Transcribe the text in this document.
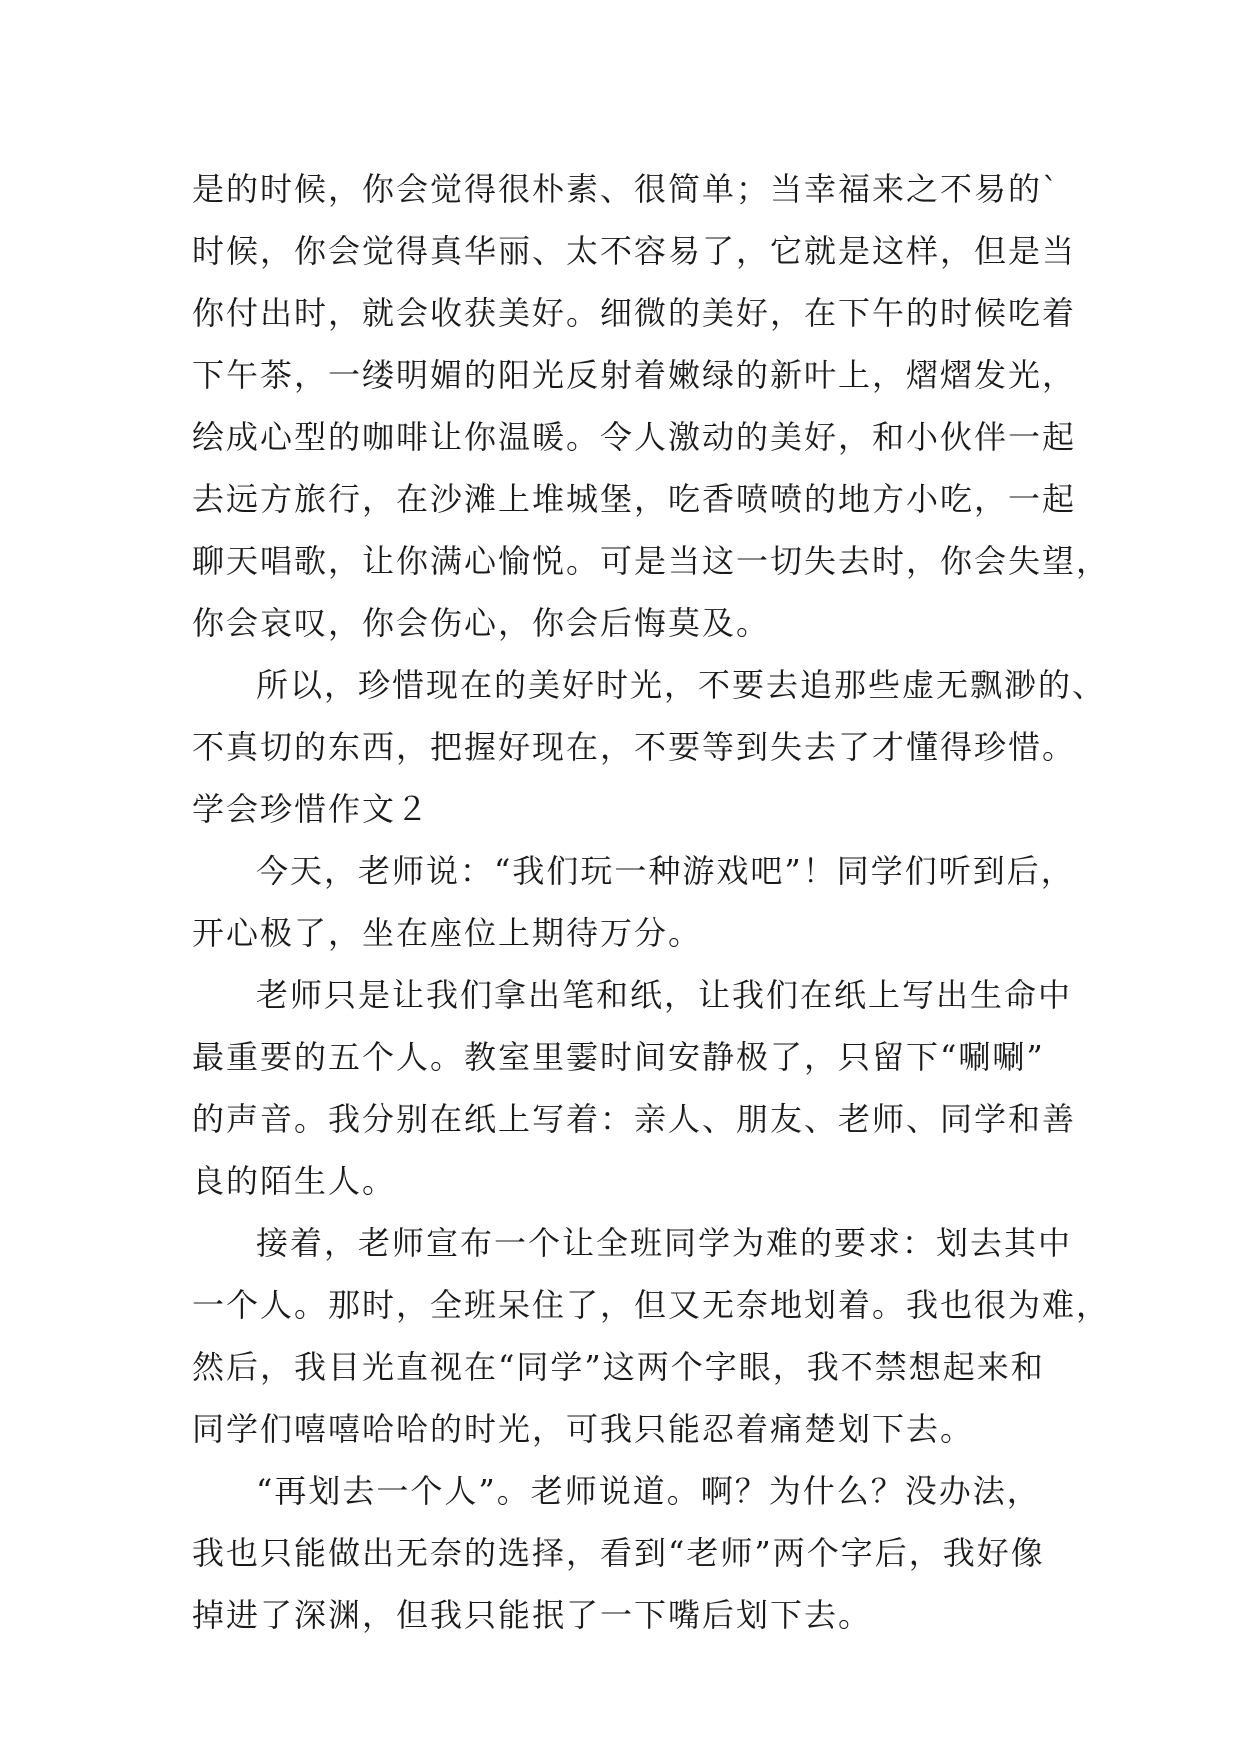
是的时候，你会觉得很朴素、很简单；当幸福来之不易的`
时候，你会觉得真华丽、太不容易了，它就是这样，但是当
你付出时，就会收获美好。细微的美好，在下午的时候吃着
下午茶，一缕明媚的阳光反射着嫩绿的新叶上，熠熠发光，
绘成心型的咖啡让你温暖。令人激动的美好，和小伙伴一起
去远方旅行，在沙滩上堆城堡，吃香喷喷的地方小吃，一起
聊天唱歌，让你满心愉悦。可是当这一切失去时，你会失望，
你会哀叹，你会伤心，你会后悔莫及。
所以，珍惜现在的美好时光，不要去追那些虚无飘渺的、
不真切的东西，把握好现在，不要等到失去了才懂得珍惜。
学会珍惜作文２
今天，老师说：“我们玩一种游戏吧”！同学们听到后，
开心极了，坐在座位上期待万分。
老师只是让我们拿出笔和纸，让我们在纸上写出生命中
最重要的五个人。教室里霎时间安静极了，只留下“唰唰”
的声音。我分别在纸上写着：亲人、朋友、老师、同学和善
良的陌生人。
接着，老师宣布一个让全班同学为难的要求：划去其中
一个人。那时，全班呆住了，但又无奈地划着。我也很为难，
然后，我目光直视在“同学”这两个字眼，我不禁想起来和
同学们嘻嘻哈哈的时光，可我只能忍着痛楚划下去。
“再划去一个人”。老师说道。啊？为什么？没办法，
我也只能做出无奈的选择，看到“老师”两个字后，我好像
掉进了深渊，但我只能抿了一下嘴后划下去。
